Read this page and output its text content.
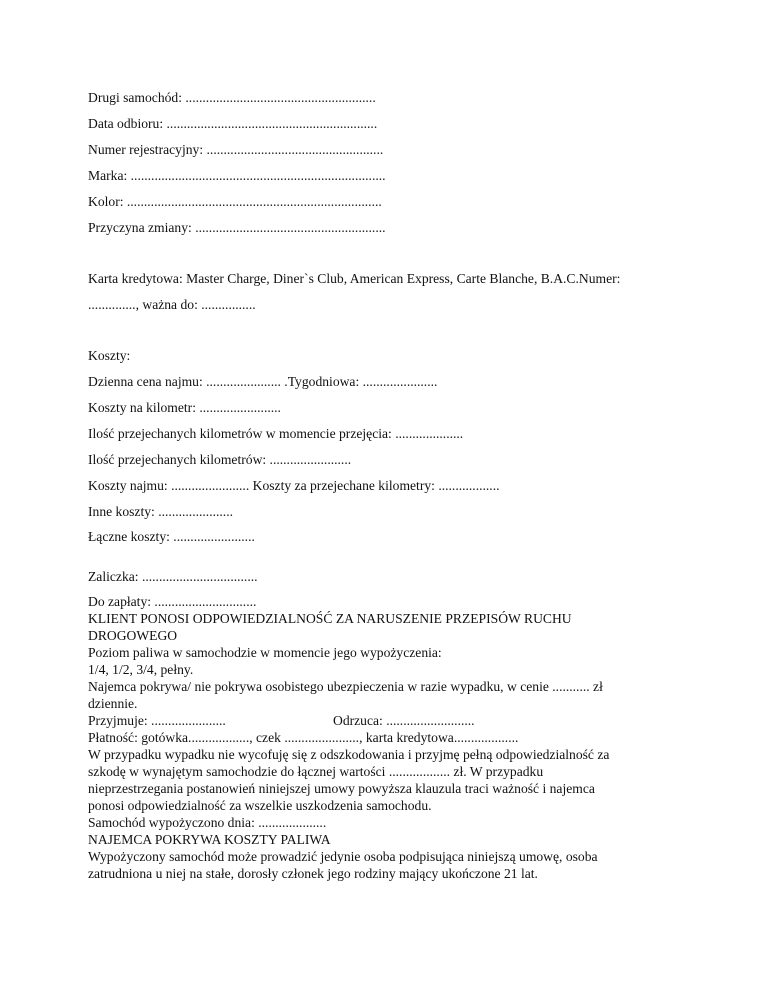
Drugi samochód: ........................................................
Data odbioru: ..............................................................
Numer rejestracyjny: ....................................................
Marka: ...........................................................................
Kolor: ...........................................................................
Przyczyna zmiany: ........................................................
Karta kredytowa: Master Charge, Diner`s Club, American Express, Carte Blanche, B.A.C.Numer:
.............., ważna do: ................
Koszty:
Dzienna cena najmu: ...................... .Tygodniowa: ......................
Koszty na kilometr: ........................
Ilość przejechanych kilometrów w momencie przejęcia: ....................
Ilość przejechanych kilometrów: ........................
Koszty najmu: ....................... Koszty za przejechane kilometry: ..................
Inne koszty: ......................
Łączne koszty: ........................
Zaliczka: ..................................
Do zapłaty: ..............................
KLIENT PONOSI ODPOWIEDZIALNOŚĆ ZA NARUSZENIE PRZEPISÓW RUCHU
DROGOWEGO
Poziom paliwa w samochodzie w momencie jego wypożyczenia:
1/4, 1/2, 3/4, pełny.
Najemca pokrywa/ nie pokrywa osobistego ubezpieczenia w razie wypadku, w cenie ........... zł
dziennie.
Przyjmuje: ......................	Odrzuca: ..........................
Płatność: gotówka.................., czek ......................, karta kredytowa...................
W przypadku wypadku nie wycofuję się z odszkodowania i przyjmę pełną odpowiedzialność za
szkodę w wynajętym samochodzie do łącznej wartości .................. zł. W przypadku
nieprzestrzegania postanowień niniejszej umowy powyższa klauzula traci ważność i najemca
ponosi odpowiedzialność za wszelkie uszkodzenia samochodu.
Samochód wypożyczono dnia: ....................
NAJEMCA POKRYWA KOSZTY PALIWA
Wypożyczony samochód może prowadzić jedynie osoba podpisująca niniejszą umowę, osoba
zatrudniona u niej na stałe, dorosły członek jego rodziny mający ukończone 21 lat.
